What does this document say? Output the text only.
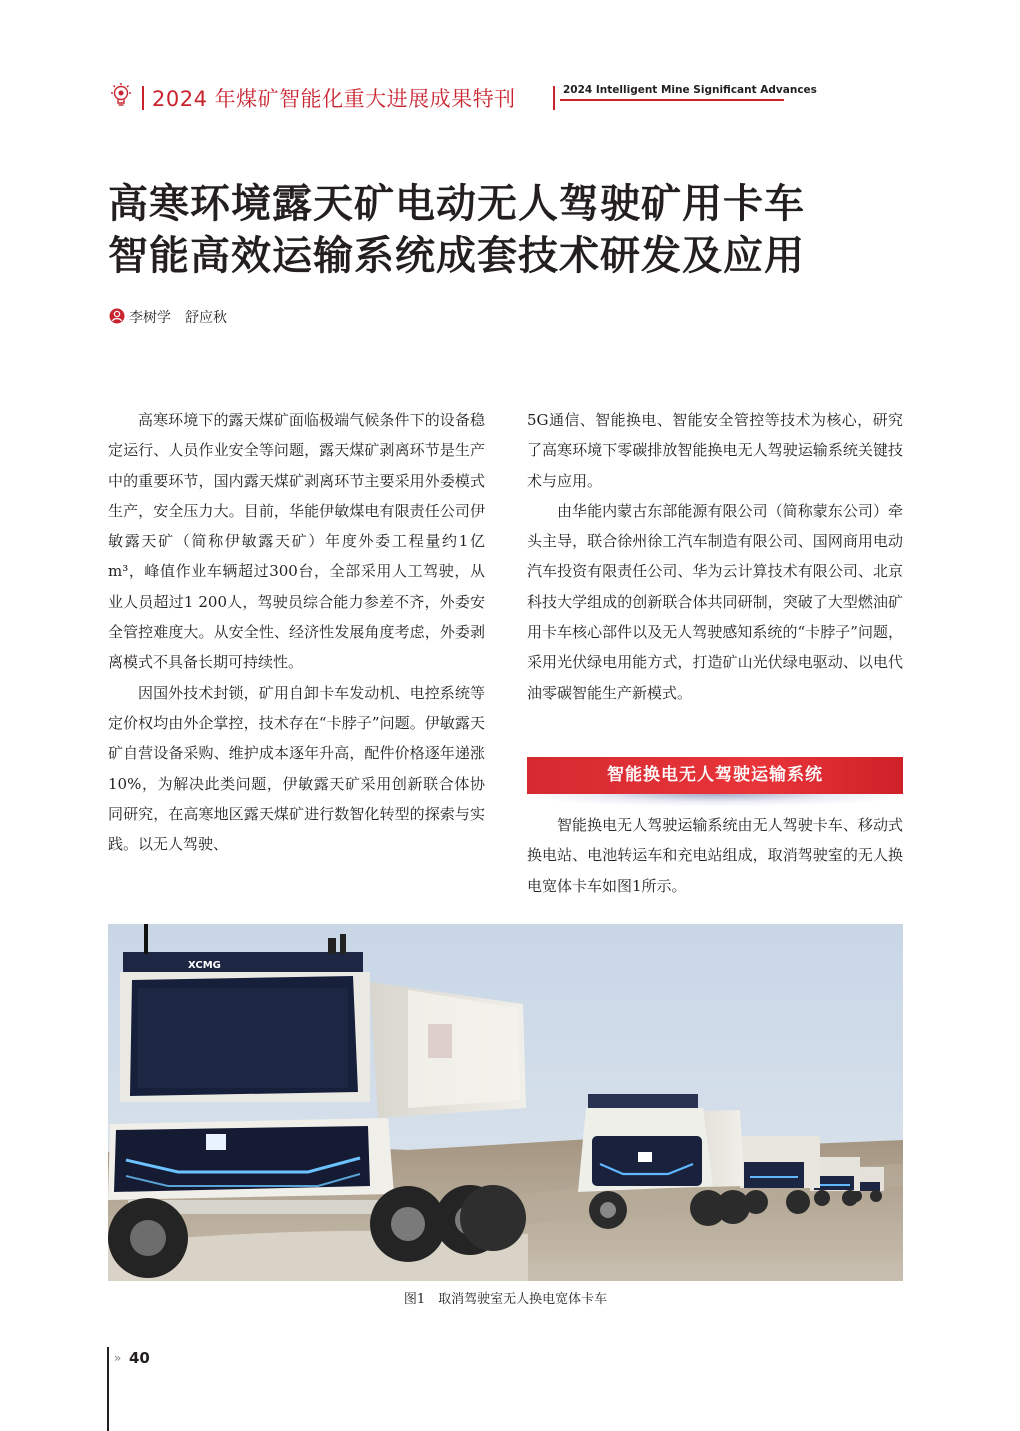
2024 年煤矿智能化重大进展成果特刊	2024 Intelligent Mine Significant Advances
高寒环境露天矿电动无人驾驶矿用卡车
智能高效运输系统成套技术研发及应用
李树学　舒应秋

高寒环境下的露天煤矿面临极端气候条件下的设备稳定运行、人员作业安全等问题，露天煤矿剥离环节是生产中的重要环节，国内露天煤矿剥离环节主要采用外委模式生产，安全压力大。目前，华能伊敏煤电有限责任公司伊敏露天矿（简称伊敏露天矿）年度外委工程量约1亿 m³，峰值作业车辆超过300台，全部采用人工驾驶，从业人员超过1 200人，驾驶员综合能力参差不齐，外委安全管控难度大。从安全性、经济性发展角度考虑，外委剥离模式不具备长期可持续性。

因国外技术封锁，矿用自卸卡车发动机、电控系统等定价权均由外企掌控，技术存在“卡脖子”问题。伊敏露天矿自营设备采购、维护成本逐年升高，配件价格逐年递涨10%，为解决此类问题，伊敏露天矿采用创新联合体协同研究，在高寒地区露天煤矿进行数智化转型的探索与实践。以无人驾驶、

5G通信、智能换电、智能安全管控等技术为核心，研究了高寒环境下零碳排放智能换电无人驾驶运输系统关键技术与应用。

由华能内蒙古东部能源有限公司（简称蒙东公司）牵头主导，联合徐州徐工汽车制造有限公司、国网商用电动汽车投资有限责任公司、华为云计算技术有限公司、北京科技大学组成的创新联合体共同研制，突破了大型燃油矿用卡车核心部件以及无人驾驶感知系统的“卡脖子”问题，采用光伏绿电用能方式，打造矿山光伏绿电驱动、以电代油零碳智能生产新模式。

智能换电无人驾驶运输系统

智能换电无人驾驶运输系统由无人驾驶卡车、移动式换电站、电池转运车和充电站组成，取消驾驶室的无人换电宽体卡车如图1所示。

XCMG
图1　取消驾驶室无人换电宽体卡车
» 40
